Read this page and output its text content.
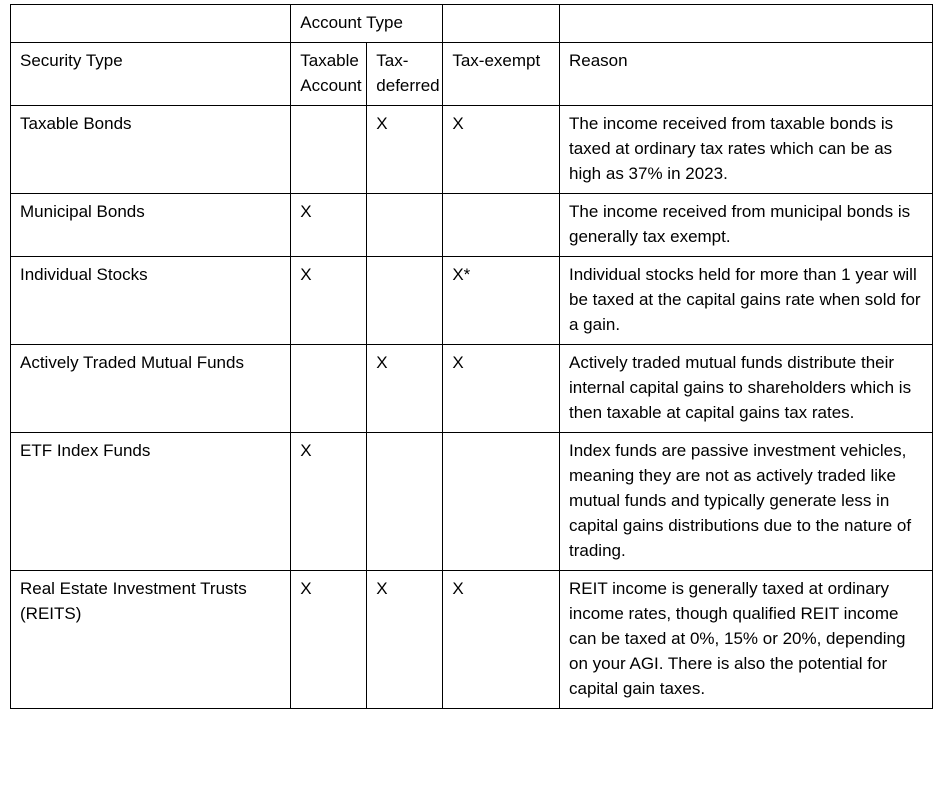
	Account Type			
Security Type	Taxable Account	Tax-deferred	Tax-exempt	Reason
Taxable Bonds		X	X	The income received from taxable bonds is taxed at ordinary tax rates which can be as high as 37% in 2023.
Municipal Bonds	X			The income received from municipal bonds is generally tax exempt.
Individual Stocks	X		X*	Individual stocks held for more than 1 year will be taxed at the capital gains rate when sold for a gain.
Actively Traded Mutual Funds		X	X	Actively traded mutual funds distribute their internal capital gains to shareholders which is then taxable at capital gains tax rates.
ETF Index Funds	X			Index funds are passive investment vehicles, meaning they are not as actively traded like mutual funds and typically generate less in capital gains distributions due to the nature of trading.
Real Estate Investment Trusts (REITS)	X	X	X	REIT income is generally taxed at ordinary income rates, though qualified REIT income can be taxed at 0%, 15% or 20%, depending on your AGI. There is also the potential for capital gain taxes.
